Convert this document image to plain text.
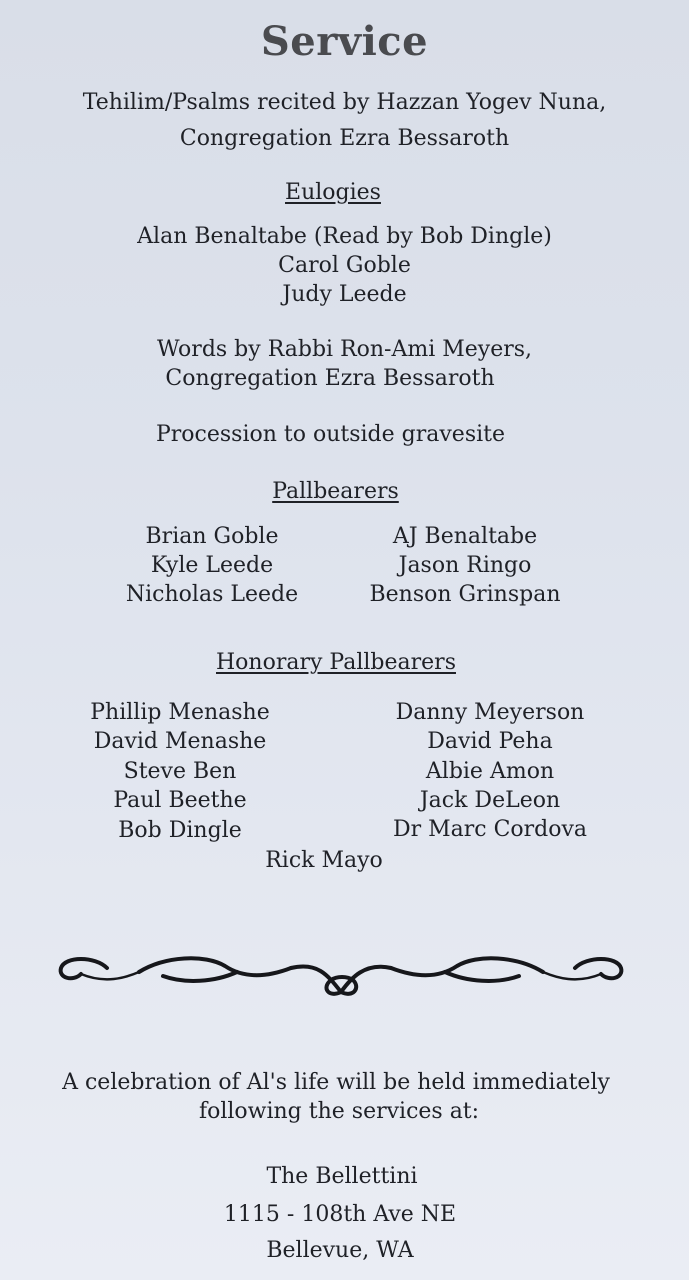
Service
Tehilim/Psalms recited by Hazzan Yogev Nuna,
Congregation Ezra Bessaroth
Eulogies
Alan Benaltabe (Read by Bob Dingle)
Carol Goble
Judy Leede
Words by Rabbi Ron-Ami Meyers,
Congregation Ezra Bessaroth
Procession to outside gravesite
Pallbearers
Brian Goble
Kyle Leede
Nicholas Leede
AJ Benaltabe
Jason Ringo
Benson Grinspan
Honorary Pallbearers
Phillip Menashe
David Menashe
Steve Ben
Paul Beethe
Bob Dingle
Danny Meyerson
David Peha
Albie Amon
Jack DeLeon
Dr Marc Cordova
Rick Mayo
A celebration of Al's life will be held immediately
following the services at:
The Bellettini
1115 - 108th Ave NE
Bellevue, WA
